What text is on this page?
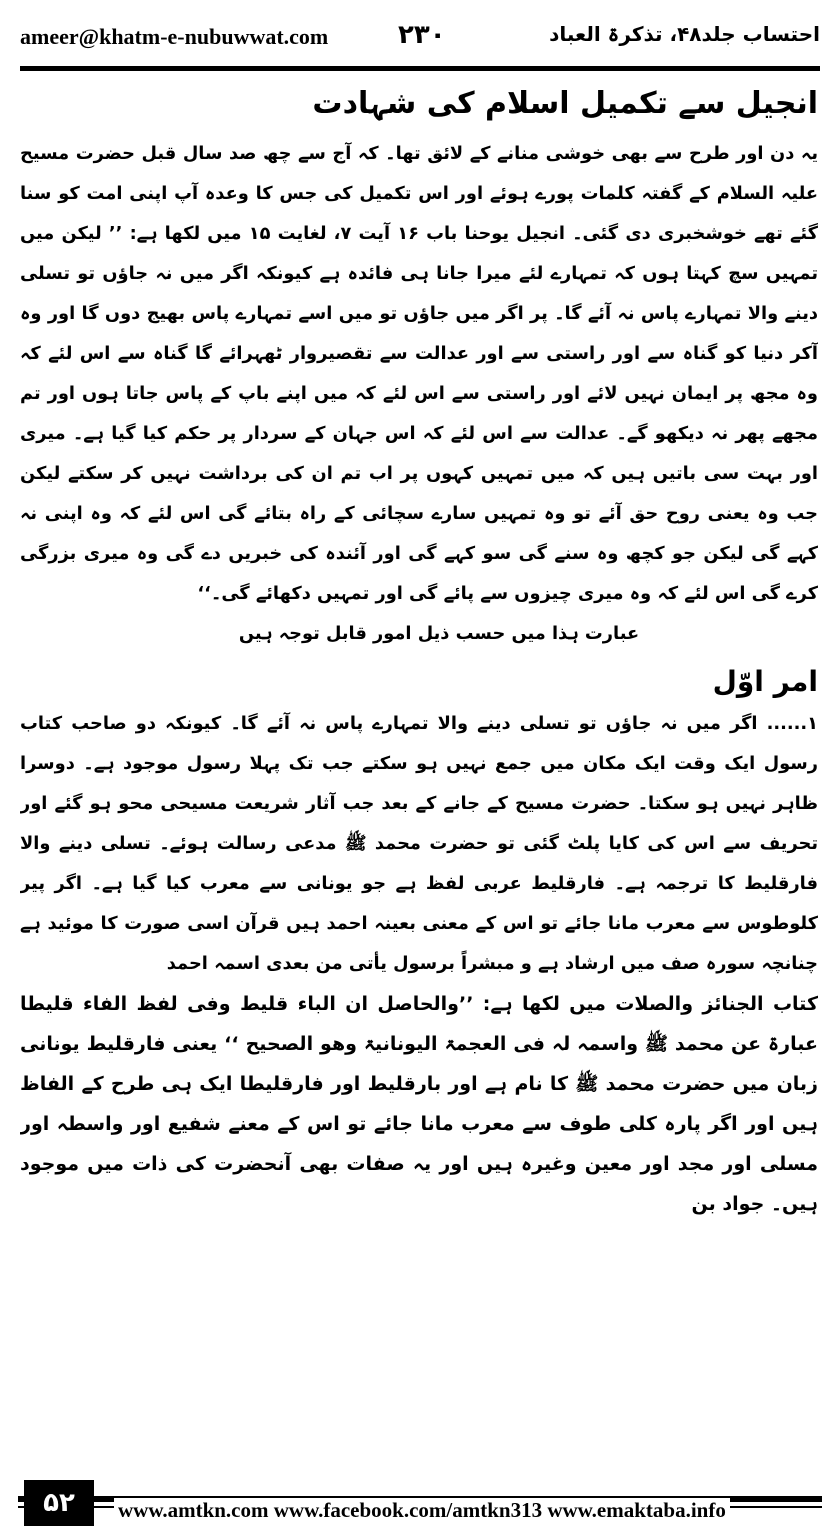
ameer@khatm-e-nubuwwat.com	۲۳۰	احتساب جلد۴۸، تذکرۃ العباد
انجیل سے تکمیل اسلام کی شہادت

یہ دن اور طرح سے بھی خوشی منانے کے لائق تھا۔ کہ آج سے چھ صد سال قبل حضرت مسیح علیہ السلام کے گفتہ کلمات پورے ہوئے اور اس تکمیل کی جس کا وعدہ آپ اپنی امت کو سنا گئے تھے خوشخبری دی گئی۔ انجیل یوحنا باب ۱۶ آیت ۷، لغایت ۱۵ میں لکھا ہے: ’’ لیکن میں تمہیں سچ کہتا ہوں کہ تمہارے لئے میرا جانا ہی فائدہ ہے کیونکہ اگر میں نہ جاؤں تو تسلی دینے والا تمہارے پاس نہ آئے گا۔ پر اگر میں جاؤں تو میں اسے تمہارے پاس بھیج دوں گا اور وہ آکر دنیا کو گناہ سے اور راستی سے اور عدالت سے تقصیروار ٹھہرائے گا گناہ سے اس لئے کہ وہ مجھ پر ایمان نہیں لائے اور راستی سے اس لئے کہ میں اپنے باپ کے پاس جاتا ہوں اور تم مجھے پھر نہ دیکھو گے۔ عدالت سے اس لئے کہ اس جہان کے سردار پر حکم کیا گیا ہے۔ میری اور بہت سی باتیں ہیں کہ میں تمہیں کہوں پر اب تم ان کی برداشت نہیں کر سکتے لیکن جب وہ یعنی روح حق آئے تو وہ تمہیں سارے سچائی کے راہ بتائے گی اس لئے کہ وہ اپنی نہ کہے گی لیکن جو کچھ وہ سنے گی سو کہے گی اور آئندہ کی خبریں دے گی وہ میری بزرگی کرے گی اس لئے کہ وہ میری چیزوں سے پائے گی اور تمہیں دکھائے گی۔‘‘

عبارت ہذا میں حسب ذیل امور قابل توجہ ہیں

امر اوّل

۱...... اگر میں نہ جاؤں تو تسلی دینے والا تمہارے پاس نہ آئے گا۔ کیونکہ دو صاحب کتاب رسول ایک وقت ایک مکان میں جمع نہیں ہو سکتے جب تک پہلا رسول موجود ہے۔ دوسرا ظاہر نہیں ہو سکتا۔ حضرت مسیح کے جانے کے بعد جب آثار شریعت مسیحی محو ہو گئے اور تحریف سے اس کی کایا پلٹ گئی تو حضرت محمد ﷺ مدعی رسالت ہوئے۔ تسلی دینے والا فارقلیط کا ترجمہ ہے۔ فارقلیط عربی لفظ ہے جو یونانی سے معرب کیا گیا ہے۔ اگر پیر کلوطوس سے معرب مانا جائے تو اس کے معنی بعینہ احمد ہیں قرآن اسی صورت کا موئید ہے چنانچہ سورہ صف میں ارشاد ہے و مبشراً برسول یأتی من بعدی اسمہ احمد

کتاب الجنائز والصلات میں لکھا ہے: ’’والحاصل ان الباء قلیط وفی لفظ الفاء قلیطا عبارۃ عن محمد ﷺ واسمہ لہ فی العجمۃ الیونانیۃ وھو الصحیح ‘‘ یعنی فارقلیط یونانی زبان میں حضرت محمد ﷺ کا نام ہے اور بارقلیط اور فارقلیطا ایک ہی طرح کے الفاظ ہیں اور اگر پارہ کلی طوف سے معرب مانا جائے تو اس کے معنے شفیع اور واسطہ اور مسلی اور مجد اور معین وغیرہ ہیں اور یہ صفات بھی آنحضرت کی ذات میں موجود ہیں۔ جواد بن

۵۲	www.amtkn.com www.facebook.com/amtkn313 www.emaktaba.info
